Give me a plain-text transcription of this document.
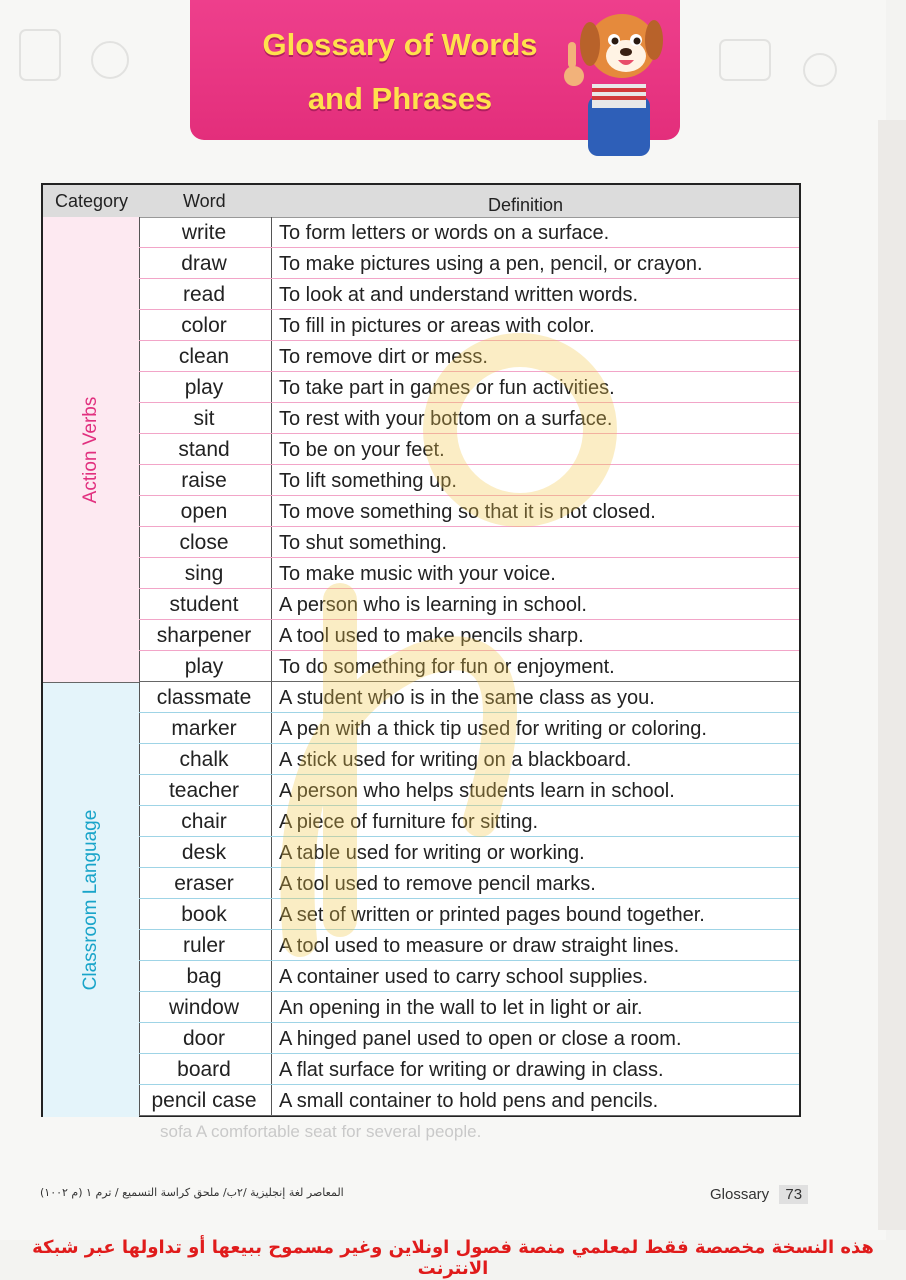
Glossary of Words
and Phrases
Category	Word	Definition
Action Verbs
write	To form letters or words on a surface.
draw	To make pictures using a pen, pencil, or crayon.
read	To look at and understand written words.
color	To fill in pictures or areas with color.
clean	To remove dirt or mess.
play	To take part in games or fun activities.
sit	To rest with your bottom on a surface.
stand	To be on your feet.
raise	To lift something up.
open	To move something so that it is not closed.
close	To shut something.
sing	To make music with your voice.
student	A person who is learning in school.
sharpener	A tool used to make pencils sharp.
play	To do something for fun or enjoyment.
Classroom Language
classmate	A student who is in the same class as you.
marker	A pen with a thick tip used for writing or coloring.
chalk	A stick used for writing on a blackboard.
teacher	A person who helps students learn in school.
chair	A piece of furniture for sitting.
desk	A table used for writing or working.
eraser	A tool used to remove pencil marks.
book	A set of written or printed pages bound together.
ruler	A tool used to measure or draw straight lines.
bag	A container used to carry school supplies.
window	An opening in the wall to let in light or air.
door	A hinged panel used to open or close a room.
board	A flat surface for writing or drawing in class.
pencil case	A small container to hold pens and pencils.
sofa A comfortable seat for several people.
المعاصر لغة إنجليزية /٢ب/ ملحق كراسة التسميع / ترم ١ (م ١٠٠٢)	Glossary 73
هذه النسخة مخصصة فقط لمعلمي منصة فصول اونلاين وغير مسموح ببيعها أو تداولها عبر شبكة الانترنت
